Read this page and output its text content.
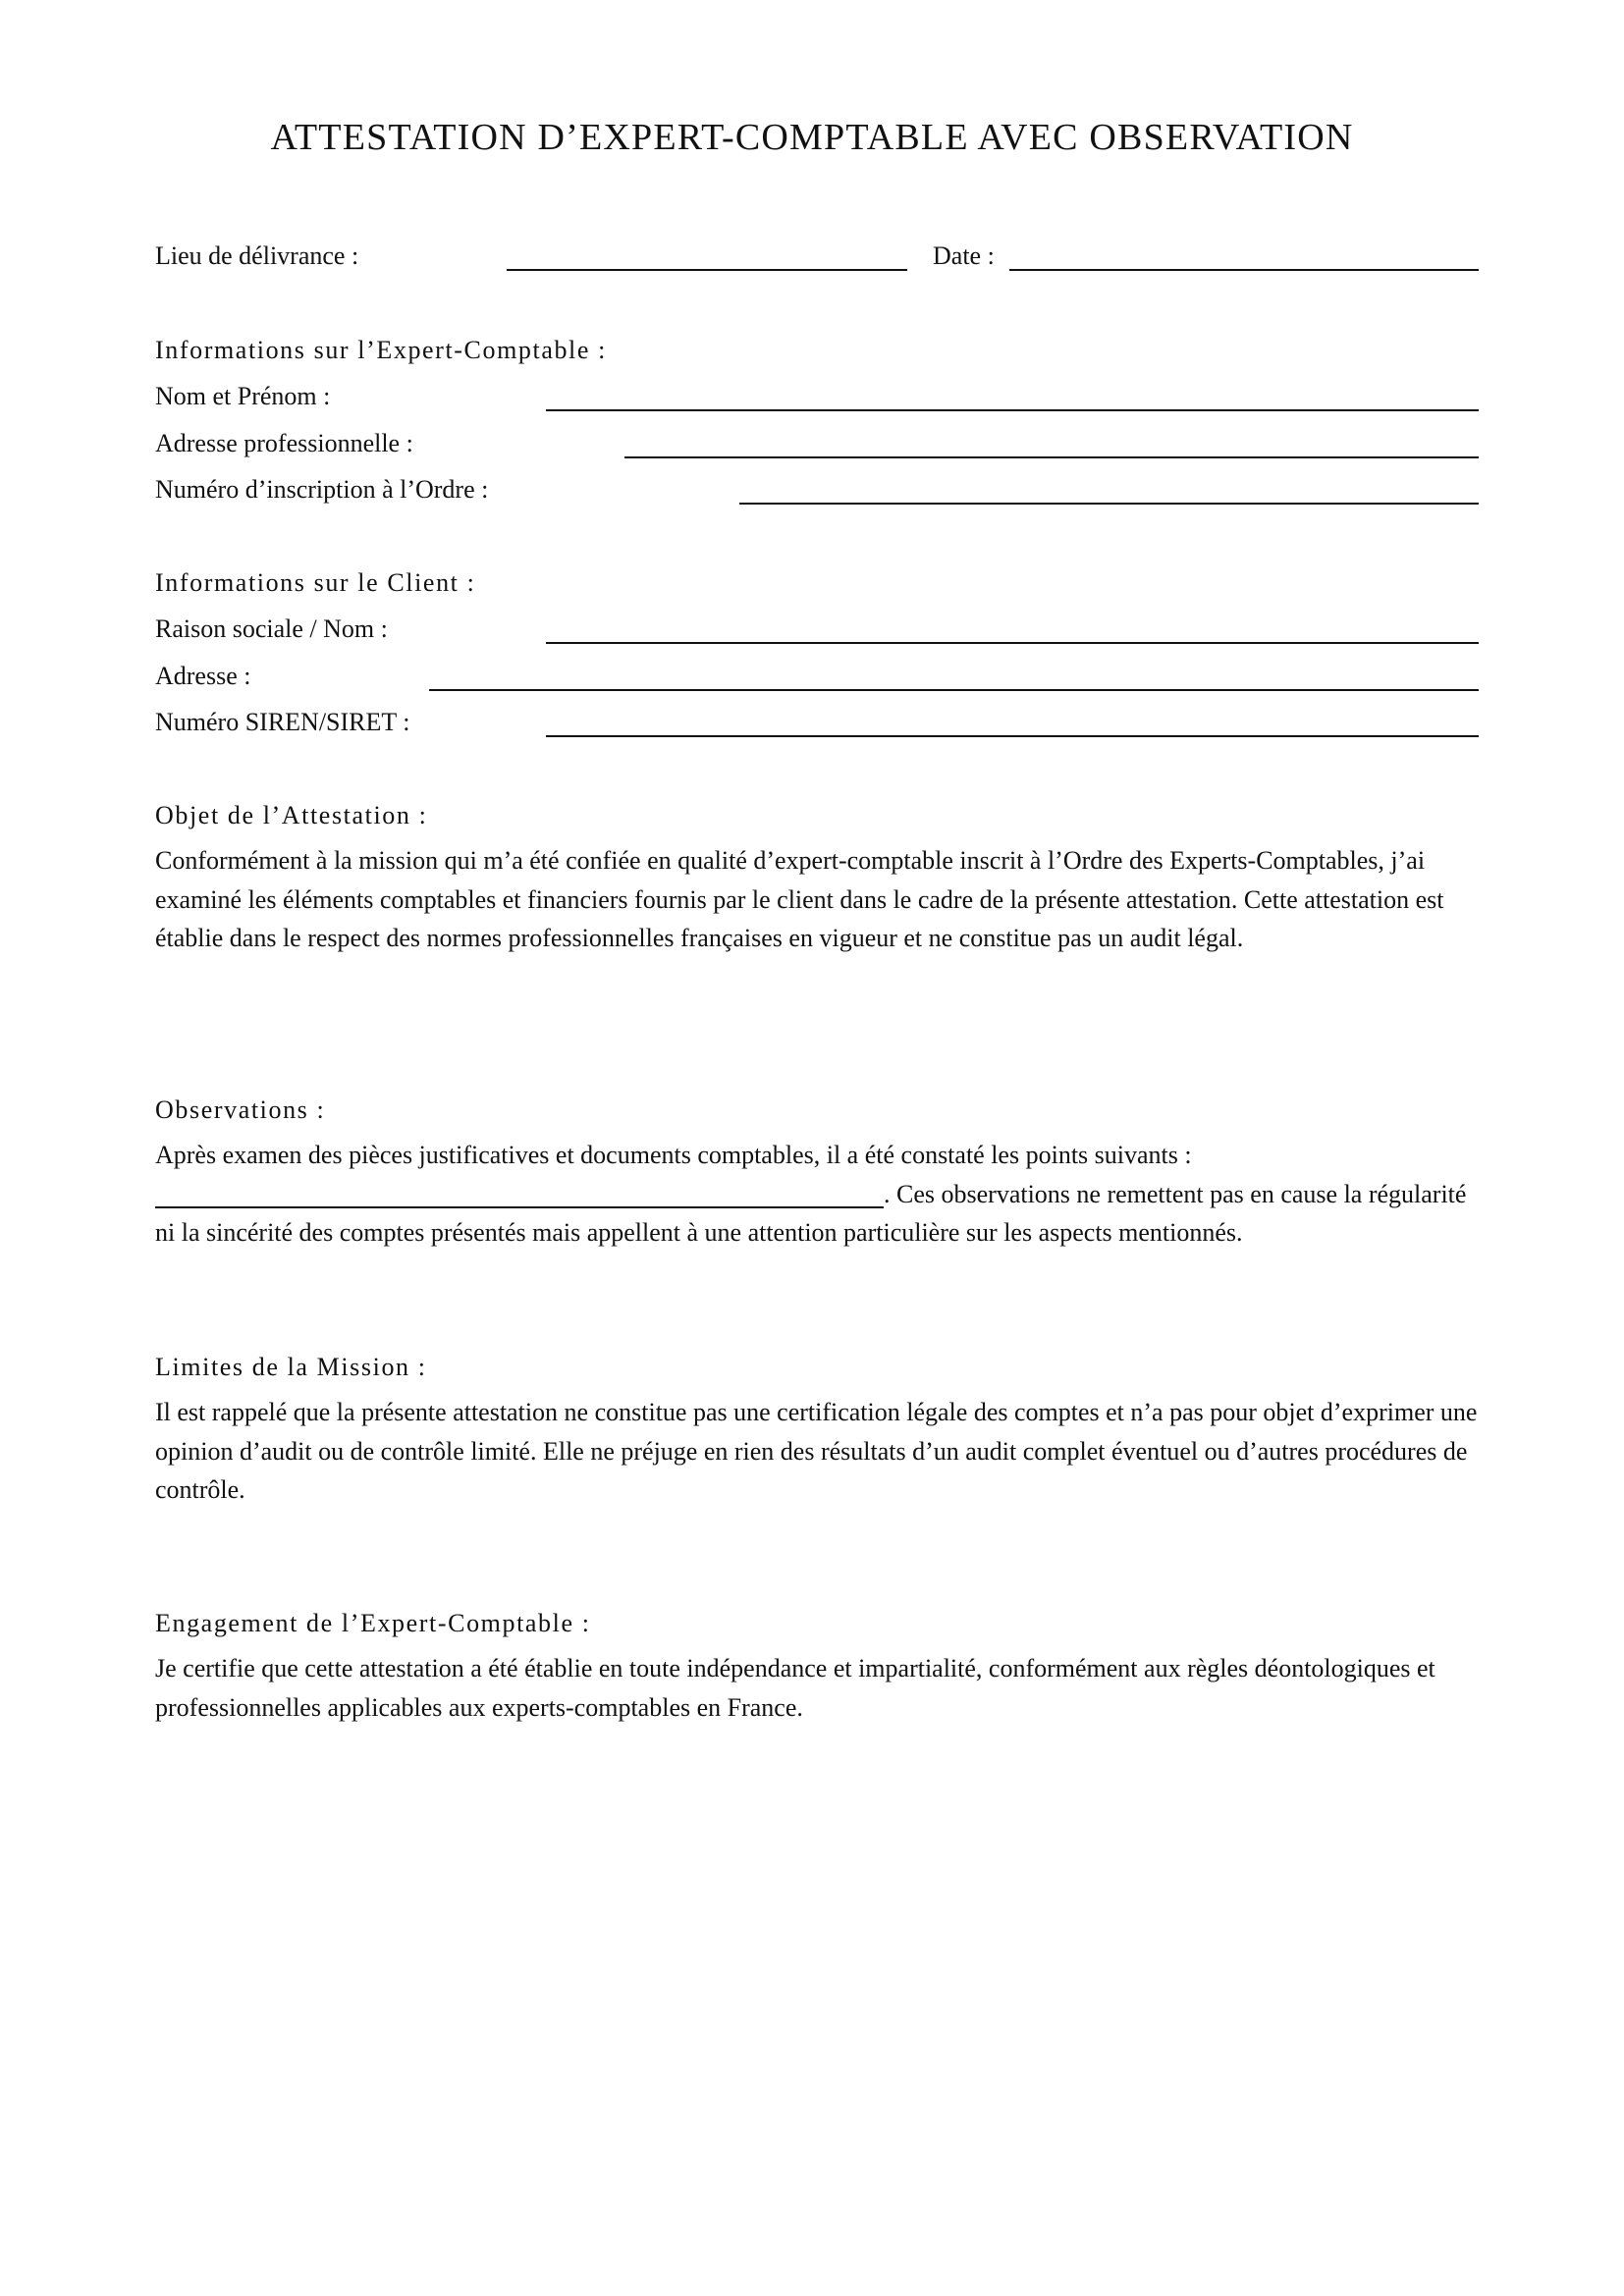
ATTESTATION D’EXPERT-COMPTABLE AVEC OBSERVATION
Lieu de délivrance :	Date :
Informations sur l’Expert-Comptable :
Nom et Prénom :
Adresse professionnelle :
Numéro d’inscription à l’Ordre :
Informations sur le Client :
Raison sociale / Nom :
Adresse :
Numéro SIREN/SIRET :
Objet de l’Attestation :
Conformément à la mission qui m’a été confiée en qualité d’expert-comptable inscrit à l’Ordre des Experts-Comptables, j’ai examiné les éléments comptables et financiers fournis par le client dans le cadre de la présente attestation. Cette attestation est établie dans le respect des normes professionnelles françaises en vigueur et ne constitue pas un audit légal.
Observations :
Après examen des pièces justificatives et documents comptables, il a été constaté les points suivants :
. Ces observations ne remettent pas en cause la régularité ni la sincérité des comptes présentés mais appellent à une attention particulière sur les aspects mentionnés.
Limites de la Mission :
Il est rappelé que la présente attestation ne constitue pas une certification légale des comptes et n’a pas pour objet d’exprimer une opinion d’audit ou de contrôle limité. Elle ne préjuge en rien des résultats d’un audit complet éventuel ou d’autres procédures de contrôle.
Engagement de l’Expert-Comptable :
Je certifie que cette attestation a été établie en toute indépendance et impartialité, conformément aux règles déontologiques et professionnelles applicables aux experts-comptables en France.
